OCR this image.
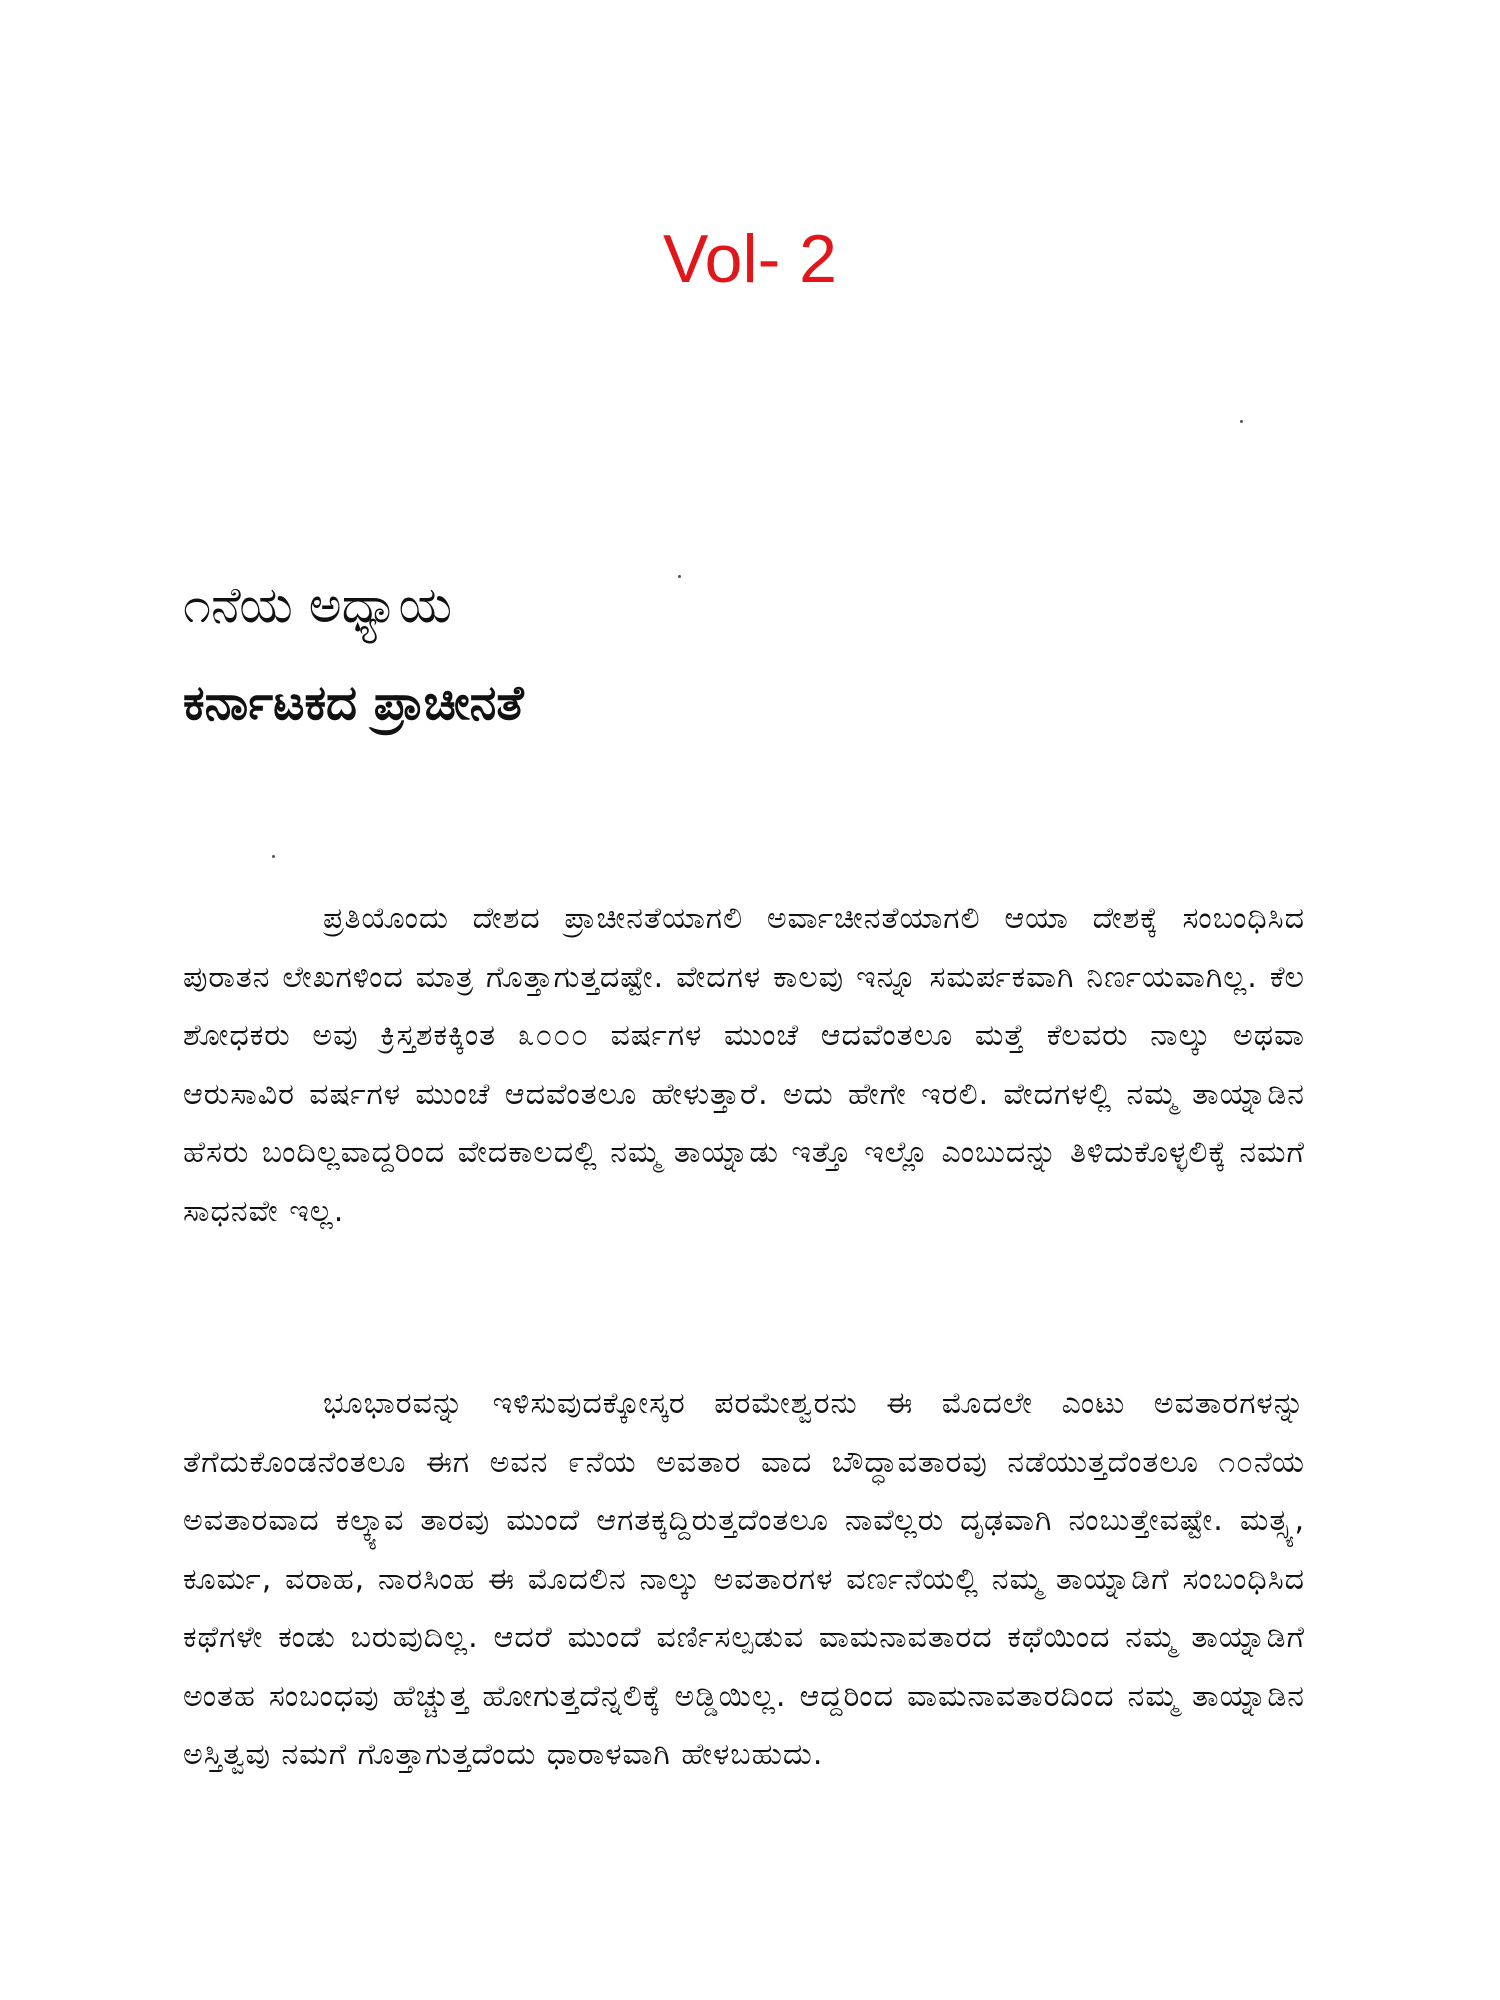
Vol- 2
೧ನೆಯ ಅಧ್ಯಾಯ
ಕರ್ನಾಟಕದ ಪ್ರಾಚೀನತೆ

ಪ್ರತಿಯೊಂದು ದೇಶದ ಪ್ರಾಚೀನತೆಯಾಗಲಿ ಅರ್ವಾಚೀನತೆಯಾಗಲಿ ಆಯಾ ದೇಶಕ್ಕೆ ಸಂಬಂಧಿಸಿದ ಪುರಾತನ ಲೇಖಗಳಿಂದ ಮಾತ್ರ ಗೊತ್ತಾಗುತ್ತದಷ್ಟೇ. ವೇದಗಳ ಕಾಲವು ಇನ್ನೂ ಸಮರ್ಪಕವಾಗಿ ನಿರ್ಣಯವಾಗಿಲ್ಲ. ಕೆಲ ಶೋಧಕರು ಅವು ಕ್ರಿಸ್ತಶಕಕ್ಕಿಂತ ೩೦೦೦ ವರ್ಷಗಳ ಮುಂಚೆ ಆದವೆಂತಲೂ ಮತ್ತೆ ಕೆಲವರು ನಾಲ್ಕು ಅಥವಾ ಆರುಸಾವಿರ ವರ್ಷಗಳ ಮುಂಚೆ ಆದವೆಂತಲೂ ಹೇಳುತ್ತಾರೆ. ಅದು ಹೇಗೇ ಇರಲಿ. ವೇದಗಳಲ್ಲಿ ನಮ್ಮ ತಾಯ್ನಾಡಿನ ಹೆಸರು ಬಂದಿಲ್ಲವಾದ್ದರಿಂದ ವೇದಕಾಲದಲ್ಲಿ ನಮ್ಮ ತಾಯ್ನಾಡು ಇತ್ತೊ ಇಲ್ಲೊ ಎಂಬುದನ್ನು ತಿಳಿದುಕೊಳ್ಳಲಿಕ್ಕೆ ನಮಗೆ ಸಾಧನವೇ ಇಲ್ಲ.

ಭೂಭಾರವನ್ನು ಇಳಿಸುವುದಕ್ಕೋಸ್ಕರ ಪರಮೇಶ್ವರನು ಈ ಮೊದಲೇ ಎಂಟು ಅವತಾರಗಳನ್ನು ತೆಗೆದುಕೊಂಡನೆಂತಲೂ ಈಗ ಅವನ ೯ನೆಯ ಅವತಾರ ವಾದ ಬೌದ್ಧಾವತಾರವು ನಡೆಯುತ್ತದೆಂತಲೂ ೧೦ನೆಯ ಅವತಾರವಾದ ಕಲ್ಕ್ಯಾವ ತಾರವು ಮುಂದೆ ಆಗತಕ್ಕದ್ದಿರುತ್ತದೆಂತಲೂ ನಾವೆಲ್ಲರು ದೃಢವಾಗಿ ನಂಬುತ್ತೇವಷ್ಟೇ. ಮತ್ಸ್ಯ, ಕೂರ್ಮ, ವರಾಹ, ನಾರಸಿಂಹ ಈ ಮೊದಲಿನ ನಾಲ್ಕು ಅವತಾರಗಳ ವರ್ಣನೆಯಲ್ಲಿ ನಮ್ಮ ತಾಯ್ನಾಡಿಗೆ ಸಂಬಂಧಿಸಿದ ಕಥೆಗಳೇ ಕಂಡು ಬರುವುದಿಲ್ಲ. ಆದರೆ ಮುಂದೆ ವರ್ಣಿಸಲ್ಪಡುವ ವಾಮನಾವತಾರದ ಕಥೆಯಿಂದ ನಮ್ಮ ತಾಯ್ನಾಡಿಗೆ ಅಂತಹ ಸಂಬಂಧವು ಹೆಚ್ಚುತ್ತ ಹೋಗುತ್ತದೆನ್ನಲಿಕ್ಕೆ ಅಡ್ಡಿಯಿಲ್ಲ. ಆದ್ದರಿಂದ ವಾಮನಾವತಾರದಿಂದ ನಮ್ಮ ತಾಯ್ನಾಡಿನ ಅಸ್ತಿತ್ವವು ನಮಗೆ ಗೊತ್ತಾಗುತ್ತದೆಂದು ಧಾರಾಳವಾಗಿ ಹೇಳಬಹುದು.
